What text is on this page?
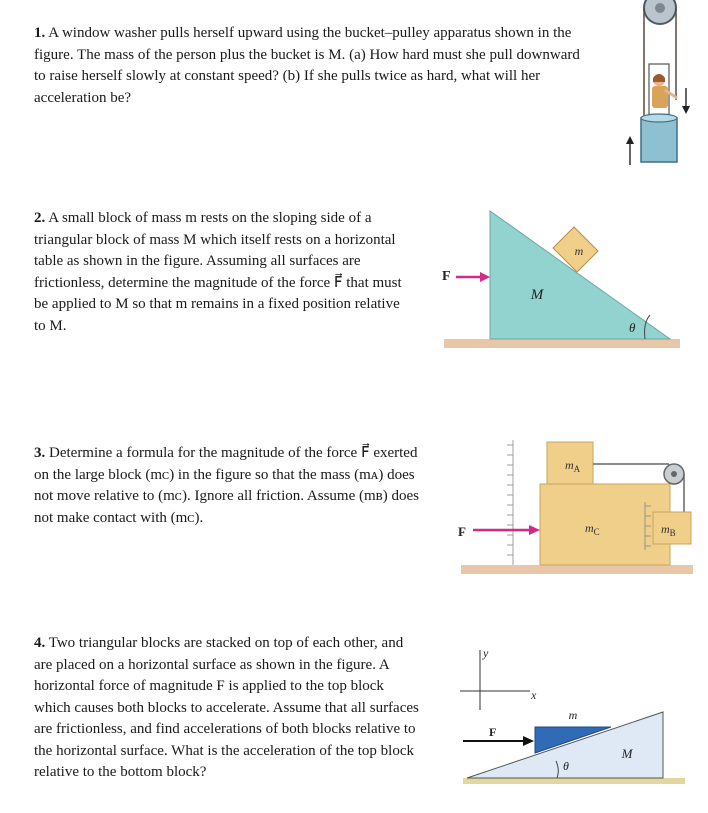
1. A window washer pulls herself upward using the bucket–pulley apparatus shown in the
figure. The mass of the person plus the bucket is M. (a) How hard must she pull downward
to raise herself slowly at constant speed? (b) If she pulls twice as hard, what will her
acceleration be?
2. A small block of mass m rests on the sloping side of a
triangular block of mass M which itself rests on a horizontal
table as shown in the figure. Assuming all surfaces are
frictionless, determine the magnitude of the force F⃗ that must
be applied to M so that m remains in a fixed position relative
to M.
m
M
θ
F⃗
3. Determine a formula for the magnitude of the force F⃗ exerted
on the large block (mᴄ) in the figure so that the mass (mᴀ) does
not move relative to (mᴄ). Ignore all friction. Assume (mʙ) does
not make contact with (mᴄ).
$m_A$
$m_C$	$m_B$
F⃗
4. Two triangular blocks are stacked on top of each other, and
are placed on a horizontal surface as shown in the figure. A
horizontal force of magnitude F is applied to the top block
which causes both blocks to accelerate. Assume that all surfaces
are frictionless, and find accelerations of both blocks relative to
the horizontal surface. What is the acceleration of the top block
relative to the bottom block?
y
x
m
M
θ
F⃗
